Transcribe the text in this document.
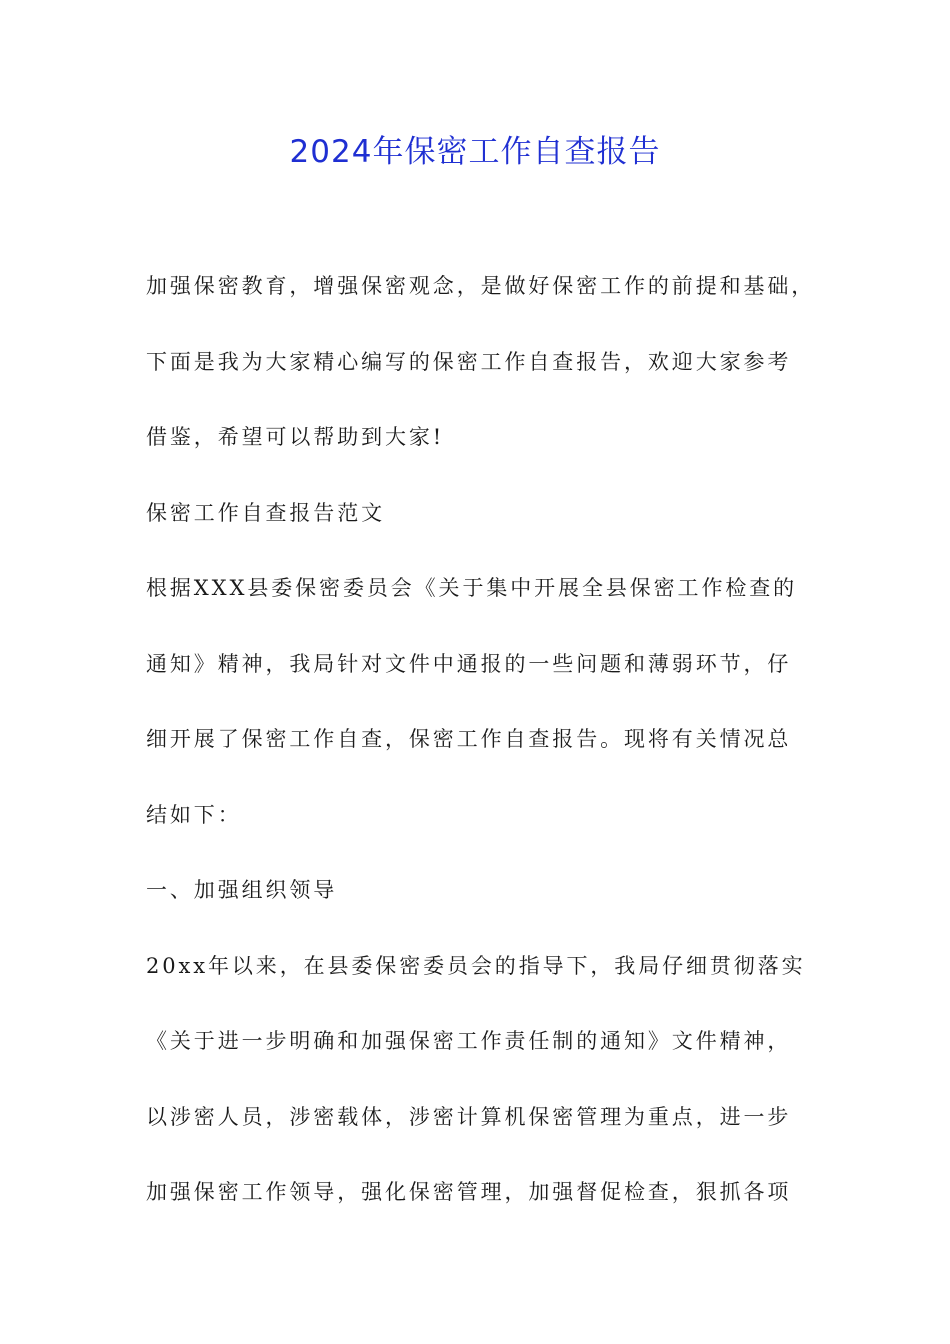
2024年保密工作自查报告
加强保密教育，增强保密观念，是做好保密工作的前提和基础，
下面是我为大家精心编写的保密工作自查报告，欢迎大家参考
借鉴，希望可以帮助到大家!
保密工作自查报告范文
根据XXX县委保密委员会《关于集中开展全县保密工作检查的
通知》精神，我局针对文件中通报的一些问题和薄弱环节，仔
细开展了保密工作自查，保密工作自查报告。现将有关情况总
结如下：
一、加强组织领导
20xx年以来，在县委保密委员会的指导下，我局仔细贯彻落实
《关于进一步明确和加强保密工作责任制的通知》文件精神，
以涉密人员，涉密载体，涉密计算机保密管理为重点，进一步
加强保密工作领导，强化保密管理，加强督促检查，狠抓各项
